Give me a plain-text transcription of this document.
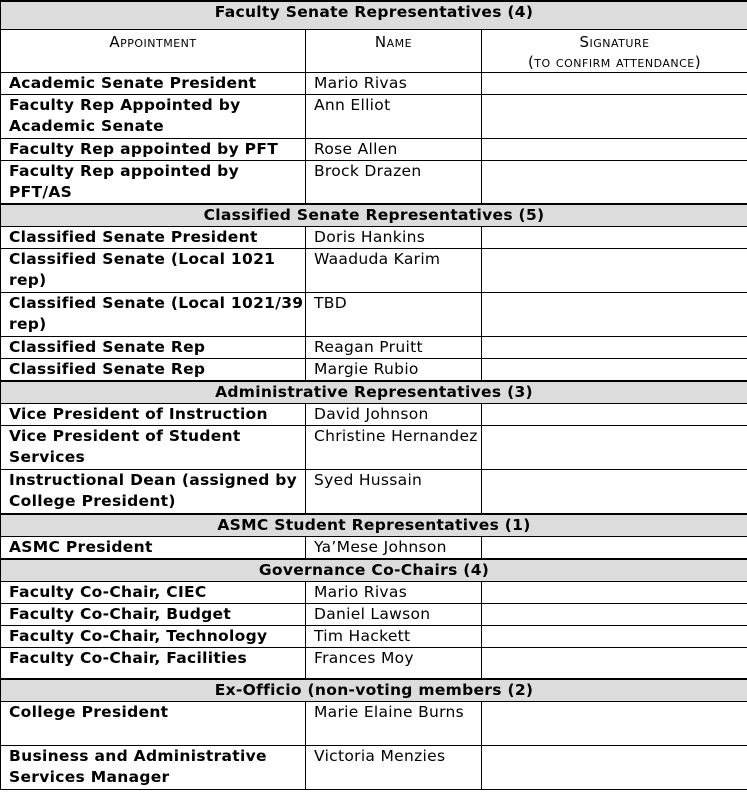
Faculty Senate Representatives (4)		
Appointment	Name	Signature
(to confirm attendance)

Academic Senate President	Mario Rivas	
Faculty Rep Appointed by Academic Senate	Ann Elliot	
Faculty Rep appointed by PFT	Rose Allen	
Faculty Rep appointed by PFT/AS	Brock Drazen	
Classified Senate Representatives (5)		
Classified Senate President	Doris Hankins	
Classified Senate (Local 1021 rep)	Waaduda Karim	
Classified Senate (Local 1021/39 rep)	TBD	
Classified Senate Rep	Reagan Pruitt	
Classified Senate Rep	Margie Rubio	
Administrative Representatives (3)		
Vice President of Instruction	David Johnson	
Vice President of Student Services	Christine Hernandez	
Instructional Dean (assigned by College President)	Syed Hussain	
ASMC Student Representatives (1)		
ASMC President	Ya’Mese Johnson	
Governance Co-Chairs (4)		
Faculty Co-Chair, CIEC	Mario Rivas	
Faculty Co-Chair, Budget	Daniel Lawson	
Faculty Co-Chair, Technology	Tim Hackett	
Faculty Co-Chair, Facilities	Frances Moy	
Ex-Officio (non-voting members (2)		
College President	Marie Elaine Burns	
Business and Administrative Services Manager	Victoria Menzies	
